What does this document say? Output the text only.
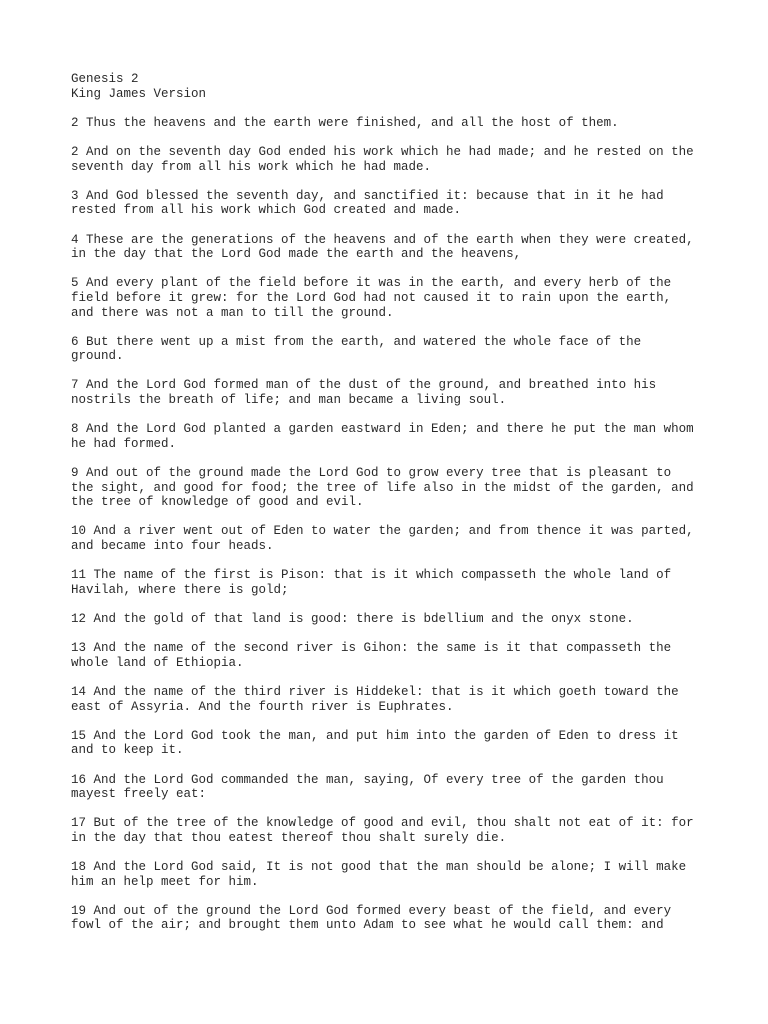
Genesis 2
King James Version

2 Thus the heavens and the earth were finished, and all the host of them.

2 And on the seventh day God ended his work which he had made; and he rested on the
seventh day from all his work which he had made.

3 And God blessed the seventh day, and sanctified it: because that in it he had
rested from all his work which God created and made.

4 These are the generations of the heavens and of the earth when they were created,
in the day that the Lord God made the earth and the heavens,

5 And every plant of the field before it was in the earth, and every herb of the
field before it grew: for the Lord God had not caused it to rain upon the earth,
and there was not a man to till the ground.

6 But there went up a mist from the earth, and watered the whole face of the
ground.

7 And the Lord God formed man of the dust of the ground, and breathed into his
nostrils the breath of life; and man became a living soul.

8 And the Lord God planted a garden eastward in Eden; and there he put the man whom
he had formed.

9 And out of the ground made the Lord God to grow every tree that is pleasant to
the sight, and good for food; the tree of life also in the midst of the garden, and
the tree of knowledge of good and evil.

10 And a river went out of Eden to water the garden; and from thence it was parted,
and became into four heads.

11 The name of the first is Pison: that is it which compasseth the whole land of
Havilah, where there is gold;

12 And the gold of that land is good: there is bdellium and the onyx stone.

13 And the name of the second river is Gihon: the same is it that compasseth the
whole land of Ethiopia.

14 And the name of the third river is Hiddekel: that is it which goeth toward the
east of Assyria. And the fourth river is Euphrates.

15 And the Lord God took the man, and put him into the garden of Eden to dress it
and to keep it.

16 And the Lord God commanded the man, saying, Of every tree of the garden thou
mayest freely eat:

17 But of the tree of the knowledge of good and evil, thou shalt not eat of it: for
in the day that thou eatest thereof thou shalt surely die.

18 And the Lord God said, It is not good that the man should be alone; I will make
him an help meet for him.

19 And out of the ground the Lord God formed every beast of the field, and every
fowl of the air; and brought them unto Adam to see what he would call them: and
